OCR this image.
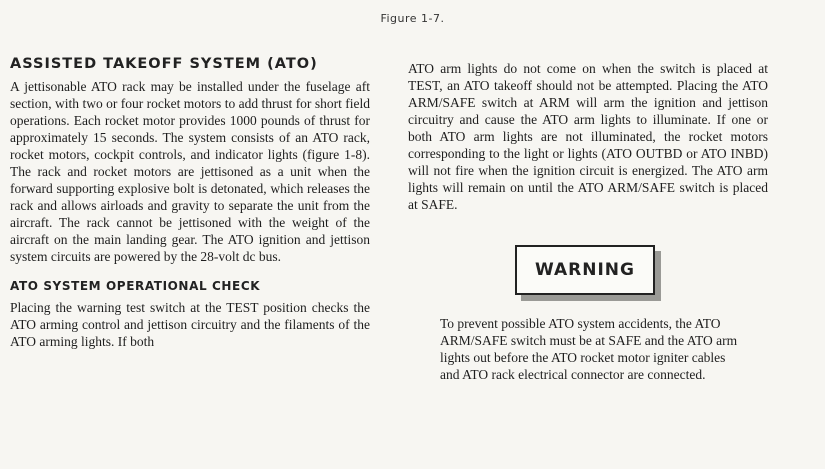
Figure 1-7.
ASSISTED TAKEOFF SYSTEM (ATO)

A jettisonable ATO rack may be installed under the fuselage aft section, with two or four rocket motors to add thrust for short field operations. Each rocket motor provides 1000 pounds of thrust for approximately 15 seconds. The system consists of an ATO rack, rocket motors, cockpit controls, and indicator lights (figure 1-8). The rack and rocket motors are jettisoned as a unit when the forward supporting explosive bolt is detonated, which releases the rack and allows airloads and gravity to separate the unit from the aircraft. The rack cannot be jettisoned with the weight of the aircraft on the main landing gear. The ATO ignition and jettison system circuits are powered by the 28-volt dc bus.

ATO SYSTEM OPERATIONAL CHECK

Placing the warning test switch at the TEST position checks the ATO arming control and jettison circuitry and the filaments of the ATO arming lights. If both

ATO arm lights do not come on when the switch is placed at TEST, an ATO takeoff should not be attempted. Placing the ATO ARM/SAFE switch at ARM will arm the ignition and jettison circuitry and cause the ATO arm lights to illuminate. If one or both ATO arm lights are not illuminated, the rocket motors corresponding to the light or lights (ATO OUTBD or ATO INBD) will not fire when the ignition circuit is energized. The ATO arm lights will remain on until the ATO ARM/SAFE switch is placed at SAFE.

WARNING

To prevent possible ATO system accidents, the ATO ARM/SAFE switch must be at SAFE and the ATO arm lights out before the ATO rocket motor igniter cables and ATO rack electrical connector are connected.
